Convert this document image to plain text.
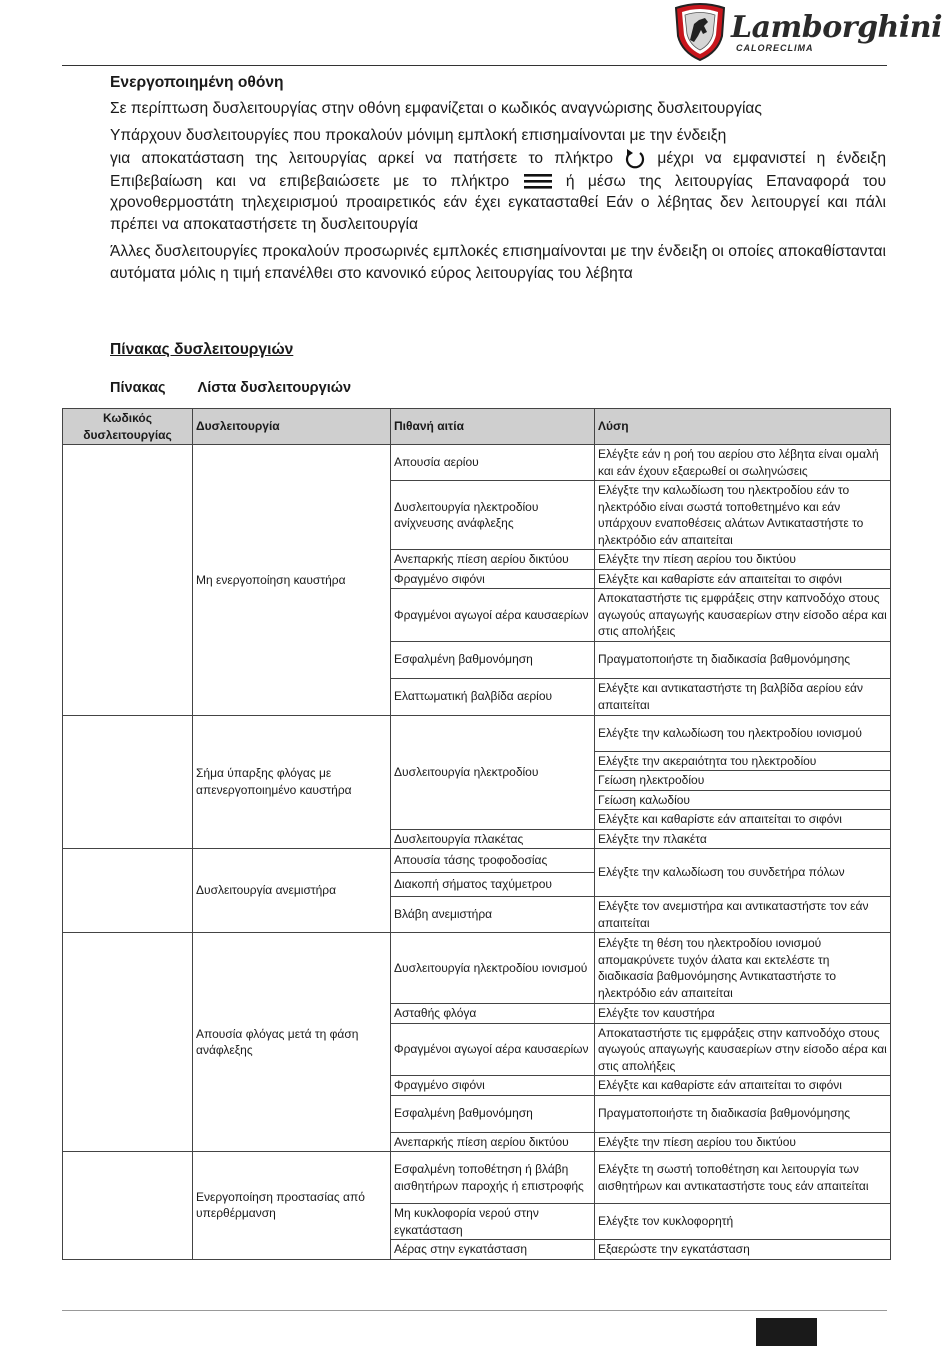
Lamborghini
CALORECLIMA

Ενεργοποιημένη οθόνη

Σε περίπτωση δυσλειτουργίας στην οθόνη εμφανίζεται ο κωδικός αναγνώρισης δυσλειτουργίας

Υπάρχουν δυσλειτουργίες που προκαλούν μόνιμη εμπλοκή επισημαίνονται με την ένδειξη
για αποκατάσταση της λειτουργίας αρκεί να πατήσετε το πλήκτρο	μέχρι να εμφανιστεί η ένδειξη Επιβεβαίωση και να επιβεβαιώσετε με το πλήκτρο	ή μέσω της λειτουργίας Επαναφορά του χρονοθερμοστάτη τηλεχειρισμού προαιρετικός εάν έχει εγκατασταθεί Εάν ο λέβητας δεν λειτουργεί και πάλι πρέπει να αποκαταστήσετε τη δυσλειτουργία

Άλλες δυσλειτουργίες προκαλούν προσωρινές εμπλοκές επισημαίνονται με την ένδειξη οι οποίες αποκαθίστανται αυτόματα μόλις η τιμή επανέλθει στο κανονικό εύρος λειτουργίας του λέβητα

Πίνακας δυσλειτουργιών
Πίνακας Λίστα δυσλειτουργιών
Κωδικός δυσλειτουργίας	Δυσλειτουργία	Πιθανή αιτία	Λύση
	Μη ενεργοποίηση καυστήρα	Απουσία αερίου	Ελέγξτε εάν η ροή του αερίου στο λέβητα είναι ομαλή και εάν έχουν εξαερωθεί οι σωληνώσεις
		Δυσλειτουργία ηλεκτροδίου ανίχνευσης ανάφλεξης	Ελέγξτε την καλωδίωση του ηλεκτροδίου εάν το ηλεκτρόδιο είναι σωστά τοποθετημένο και εάν υπάρχουν εναποθέσεις αλάτων Αντικαταστήστε το ηλεκτρόδιο εάν απαιτείται
		Ανεπαρκής πίεση αερίου δικτύου	Ελέγξτε την πίεση αερίου του δικτύου
		Φραγμένο σιφόνι	Ελέγξτε και καθαρίστε εάν απαιτείται το σιφόνι
		Φραγμένοι αγωγοί αέρα καυσαερίων	Αποκαταστήστε τις εμφράξεις στην καπνοδόχο στους αγωγούς απαγωγής καυσαερίων στην είσοδο αέρα και στις απολήξεις
		Εσφαλμένη βαθμονόμηση	Πραγματοποιήστε τη διαδικασία βαθμονόμησης
		Ελαττωματική βαλβίδα αερίου	Ελέγξτε και αντικαταστήστε τη βαλβίδα αερίου εάν απαιτείται
	Σήμα ύπαρξης φλόγας με απενεργοποιημένο καυστήρα	Δυσλειτουργία ηλεκτροδίου	Ελέγξτε την καλωδίωση του ηλεκτροδίου ιονισμού
			Ελέγξτε την ακεραιότητα του ηλεκτροδίου
			Γείωση ηλεκτροδίου
			Γείωση καλωδίου
			Ελέγξτε και καθαρίστε εάν απαιτείται το σιφόνι
		Δυσλειτουργία πλακέτας	Ελέγξτε την πλακέτα
	Δυσλειτουργία ανεμιστήρα	Απουσία τάσης τροφοδοσίας	Ελέγξτε την καλωδίωση του συνδετήρα πόλων
		Διακοπή σήματος ταχύμετρου	
		Βλάβη ανεμιστήρα	Ελέγξτε τον ανεμιστήρα και αντικαταστήστε τον εάν απαιτείται
	Απουσία φλόγας μετά τη φάση ανάφλεξης	Δυσλειτουργία ηλεκτροδίου ιονισμού	Ελέγξτε τη θέση του ηλεκτροδίου ιονισμού απομακρύνετε τυχόν άλατα και εκτελέστε τη διαδικασία βαθμονόμησης Αντικαταστήστε το ηλεκτρόδιο εάν απαιτείται
		Ασταθής φλόγα	Ελέγξτε τον καυστήρα
		Φραγμένοι αγωγοί αέρα καυσαερίων	Αποκαταστήστε τις εμφράξεις στην καπνοδόχο στους αγωγούς απαγωγής καυσαερίων στην είσοδο αέρα και στις απολήξεις
		Φραγμένο σιφόνι	Ελέγξτε και καθαρίστε εάν απαιτείται το σιφόνι
		Εσφαλμένη βαθμονόμηση	Πραγματοποιήστε τη διαδικασία βαθμονόμησης
		Ανεπαρκής πίεση αερίου δικτύου	Ελέγξτε την πίεση αερίου του δικτύου
	Ενεργοποίηση προστασίας από υπερθέρμανση	Εσφαλμένη τοποθέτηση ή βλάβη αισθητήρων παροχής ή επιστροφής	Ελέγξτε τη σωστή τοποθέτηση και λειτουργία των αισθητήρων και αντικαταστήστε τους εάν απαιτείται
		Μη κυκλοφορία νερού στην εγκατάσταση	Ελέγξτε τον κυκλοφορητή
		Αέρας στην εγκατάσταση	Εξαερώστε την εγκατάσταση
